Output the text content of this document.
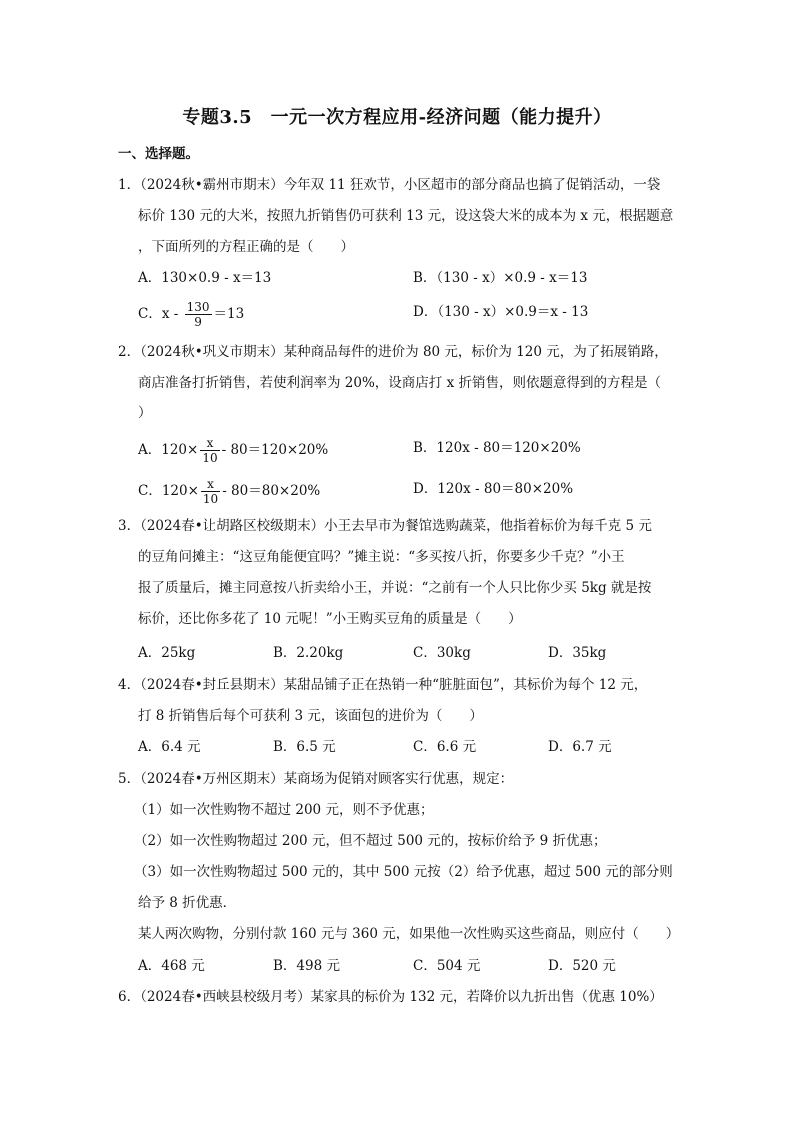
专题3.5　一元一次方程应用-经济问题（能力提升）
一、选择题。
1．（2024秋•霸州市期末）今年双 11 狂欢节，小区超市的部分商品也搞了促销活动，一袋
标价 130 元的大米，按照九折销售仍可获利 13 元，设这袋大米的成本为 x 元，根据题意
，下面所列的方程正确的是（　　）
A．130×0.9 - x＝13	B．（130 - x）×0.9 - x＝13
C．$x - \frac{130}{9} =13$	D．（130 - x）×0.9＝x - 13
2．（2024秋•巩义市期末）某种商品每件的进价为 80 元，标价为 120 元，为了拓展销路，
商店准备打折销售，若使利润率为 20%，设商店打 x 折销售，则依题意得到的方程是（
）
A．$120\times \frac{x}{10} - 80=120\times 20\%$	B．120x - 80＝120×20%
C．$120\times \frac{x}{10} - 80=80\times 20\%$	D．120x - 80＝80×20%
3．（2024春•让胡路区校级期末）小王去早市为餐馆选购蔬菜，他指着标价为每千克 5 元
的豆角问摊主：“这豆角能便宜吗？”摊主说：“多买按八折，你要多少千克？”小王
报了质量后，摊主同意按八折卖给小王，并说：“之前有一个人只比你少买 5kg 就是按
标价，还比你多花了 10 元呢！”小王购买豆角的质量是（　　）
A．25kg	B．2.20kg	C．30kg	D．35kg
4．（2024春•封丘县期末）某甜品铺子正在热销一种“脏脏面包”，其标价为每个 12 元，
打 8 折销售后每个可获利 3 元，该面包的进价为（　　）
A．6.4 元	B．6.5 元	C．6.6 元	D．6.7 元
5．（2024春•万州区期末）某商场为促销对顾客实行优惠，规定：
（1）如一次性购物不超过 200 元，则不予优惠；
（2）如一次性购物超过 200 元，但不超过 500 元的，按标价给予 9 折优惠；
（3）如一次性购物超过 500 元的，其中 500 元按（2）给予优惠，超过 500 元的部分则
给予 8 折优惠．
某人两次购物，分别付款 160 元与 360 元，如果他一次性购买这些商品，则应付（　　）
A．468 元	B．498 元	C．504 元	D．520 元
6．（2024春•西峡县校级月考）某家具的标价为 132 元，若降价以九折出售（优惠 10%）
